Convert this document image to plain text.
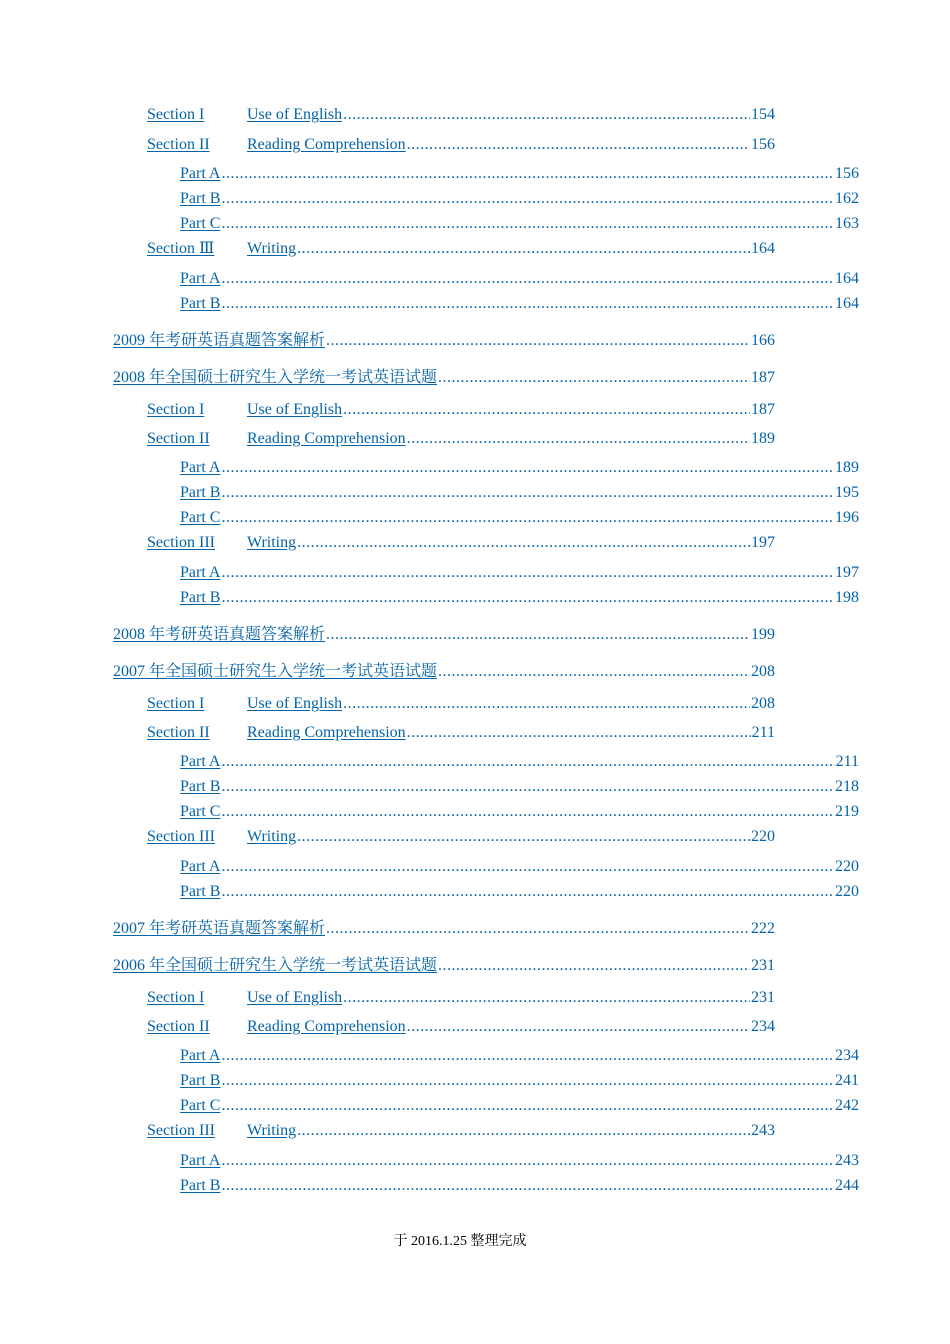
Section I	Use of English .....	154
Section II	Reading Comprehension .....	156
Part A .....	156
Part B .....	162
Part C .....	163
Section Ⅲ	Writing .....	164
Part A .....	164
Part B .....	164
2009 年考研英语真题答案解析 .....	166
2008 年全国硕士研究生入学统一考试英语试题 .....	187
Section I	Use of English .....	187
Section II	Reading Comprehension .....	189
Part A .....	189
Part B .....	195
Part C .....	196
Section III	Writing .....	197
Part A .....	197
Part B .....	198
2008 年考研英语真题答案解析 .....	199
2007 年全国硕士研究生入学统一考试英语试题 .....	208
Section I	Use of English .....	208
Section II	Reading Comprehension .....	211
Part A .....	211
Part B .....	218
Part C .....	219
Section III	Writing .....	220
Part A .....	220
Part B .....	220
2007 年考研英语真题答案解析 .....	222
2006 年全国硕士研究生入学统一考试英语试题 .....	231
Section I	Use of English .....	231
Section II	Reading Comprehension .....	234
Part A .....	234
Part B .....	241
Part C .....	242
Section III	Writing .....	243
Part A .....	243
Part B .....	244
于 2016.1.25 整理完成
